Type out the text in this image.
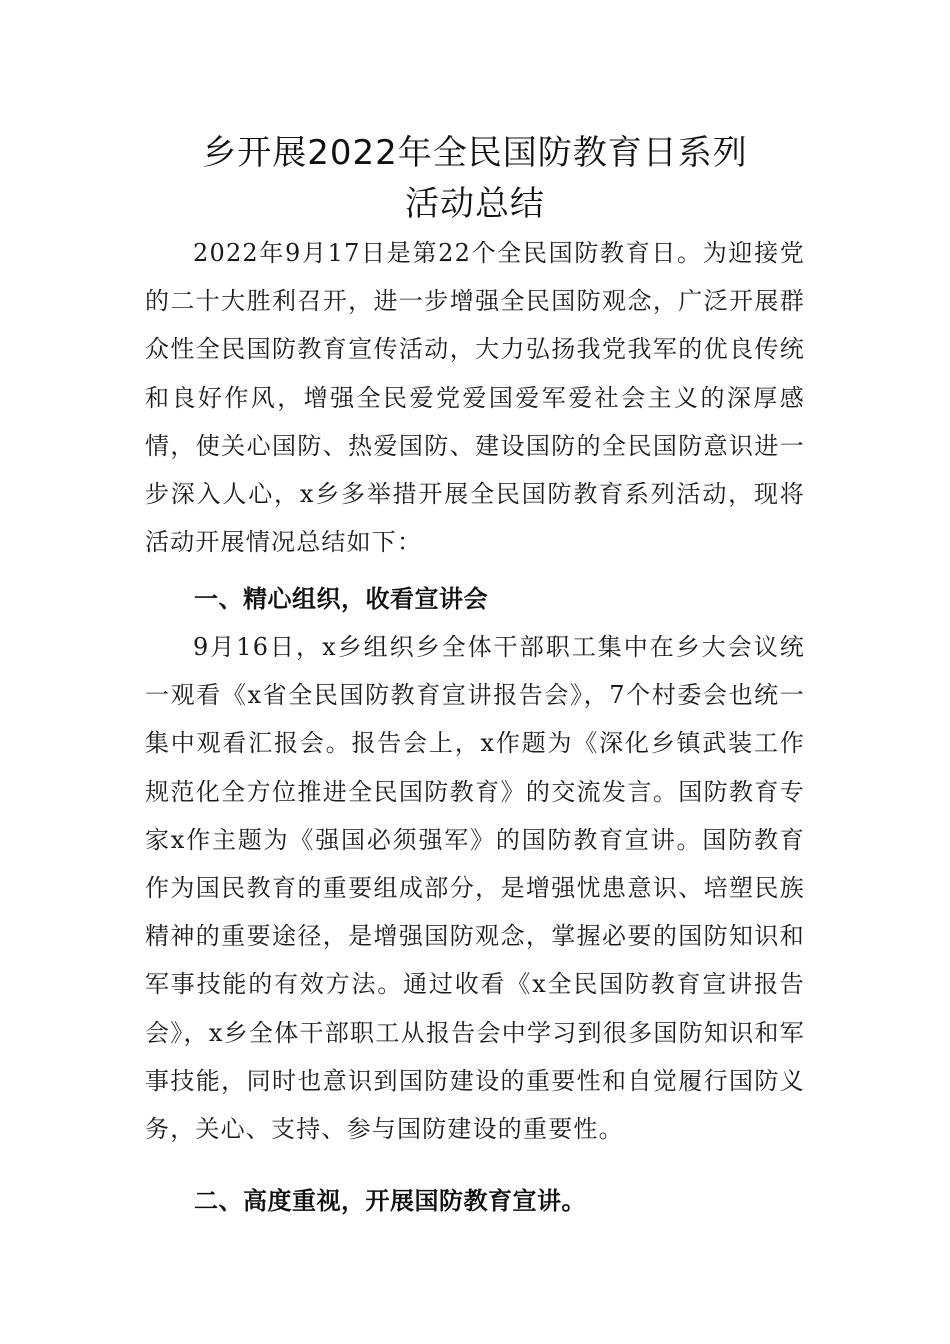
乡开展2022年全民国防教育日系列
活动总结

2022年9月17日是第22个全民国防教育日。为迎接党的二十大胜利召开，进一步增强全民国防观念，广泛开展群众性全民国防教育宣传活动，大力弘扬我党我军的优良传统和良好作风，增强全民爱党爱国爱军爱社会主义的深厚感情，使关心国防、热爱国防、建设国防的全民国防意识进一步深入人心，x乡多举措开展全民国防教育系列活动，现将活动开展情况总结如下：

一、精心组织，收看宣讲会

9月16日，x乡组织乡全体干部职工集中在乡大会议统一观看《x省全民国防教育宣讲报告会》，7个村委会也统一集中观看汇报会。报告会上，x作题为《深化乡镇武装工作规范化全方位推进全民国防教育》的交流发言。国防教育专家x作主题为《强国必须强军》的国防教育宣讲。国防教育作为国民教育的重要组成部分，是增强忧患意识、培塑民族精神的重要途径，是增强国防观念，掌握必要的国防知识和军事技能的有效方法。通过收看《x全民国防教育宣讲报告会》，x乡全体干部职工从报告会中学习到很多国防知识和军事技能，同时也意识到国防建设的重要性和自觉履行国防义务，关心、支持、参与国防建设的重要性。

二、高度重视，开展国防教育宣讲。
